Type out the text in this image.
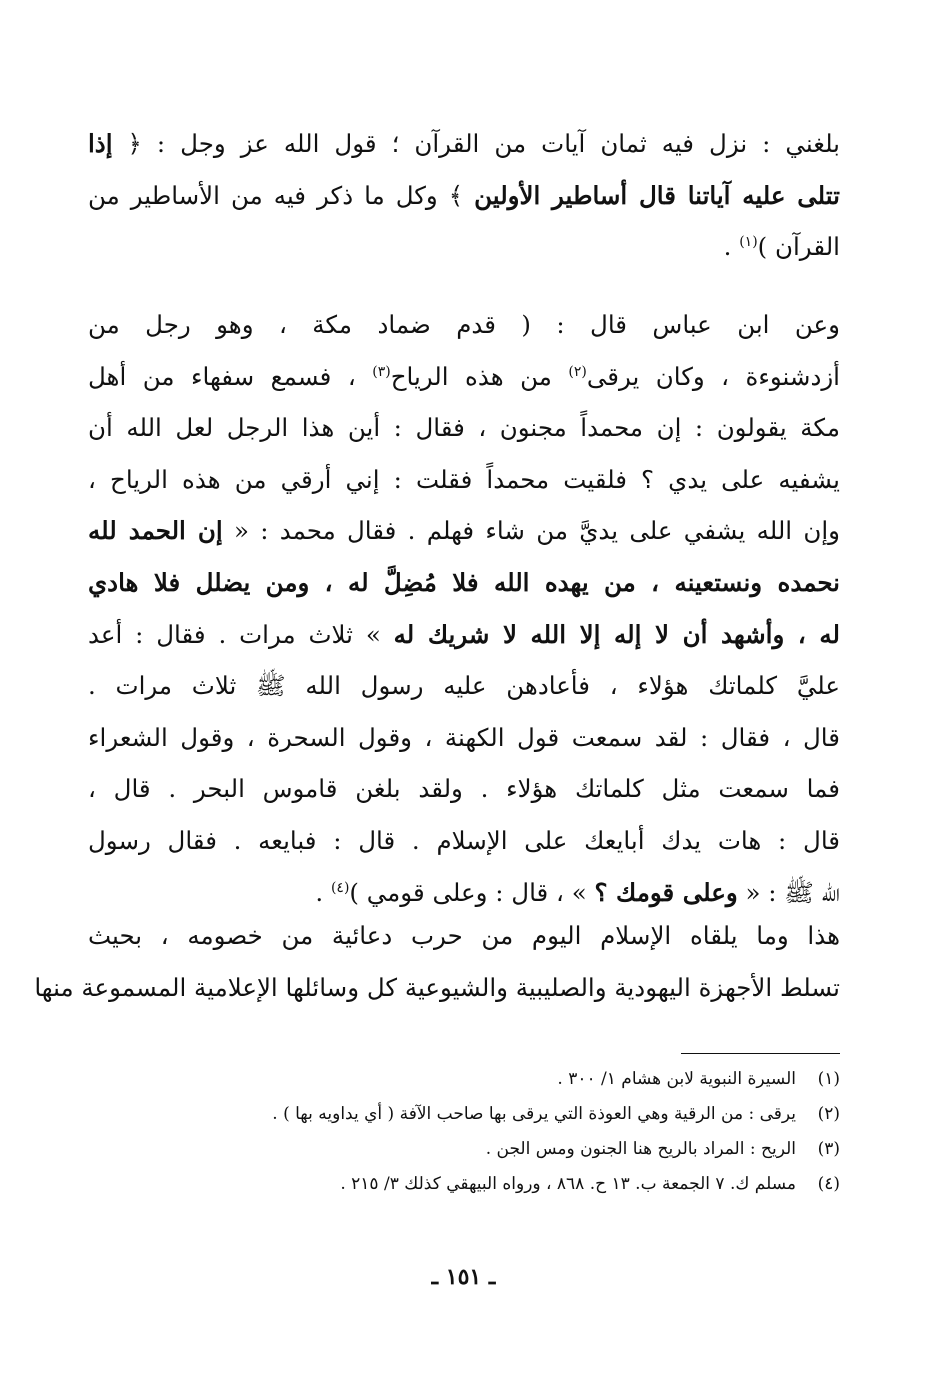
بلغني : نزل فيه ثمان آيات من القرآن ؛ قول الله عز وجل : ﴿ إذا
تتلى عليه آياتنا قال أساطير الأولين ﴾ وكل ما ذكر فيه من الأساطير من
القرآن )$^{(١)}$ .
وعن ابن عباس قال : ( قدم ضماد مكة ، وهو رجل من
أزدشنوءة ، وكان يرقى$^{(٢)}$ من هذه الرياح$^{(٣)}$ ، فسمع سفهاء من أهل
مكة يقولون : إن محمداً مجنون ، فقال : أين هذا الرجل لعل الله أن
يشفيه على يدي ؟ فلقيت محمداً فقلت : إني أرقي من هذه الرياح ،
وإن الله يشفي على يديَّ من شاء فهلم . فقال محمد : « إن الحمد لله
نحمده ونستعينه ، من يهده الله فلا مُضِلَّ له ، ومن يضلل فلا هادي
له ، وأشهد أن لا إله إلا الله لا شريك له » ثلاث مرات . فقال : أعد
عليَّ كلماتك هؤلاء ، فأعادهن عليه رسول الله ﷺ ثلاث مرات .
قال ، فقال : لقد سمعت قول الكهنة ، وقول السحرة ، وقول الشعراء
فما سمعت مثل كلماتك هؤلاء . ولقد بلغن قاموس البحر . قال ،
قال : هات يدك أبايعك على الإسلام . قال : فبايعه . فقال رسول
الله ﷺ : « وعلى قومك ؟ » ، قال : وعلى قومي )$^{(٤)}$ .
هذا وما يلقاه الإسلام اليوم من حرب دعائية من خصومه ، بحيث
تسلط الأجهزة اليهودية والصليبية والشيوعية كل وسائلها الإعلامية المسموعة منها
(١)السيرة النبوية لابن هشام ١/ ٣٠٠ .
(٢)يرقى : من الرقية وهي العوذة التي يرقى بها صاحب الآفة ( أي يداويه بها ) .
(٣)الريح : المراد بالريح هنا الجنون ومس الجن .
(٤)مسلم ك. ٧ الجمعة ب. ١٣ ح. ٨٦٨ ، ورواه البيهقي كذلك ٣/ ٢١٥ .
ـ ١٥١ ـ
